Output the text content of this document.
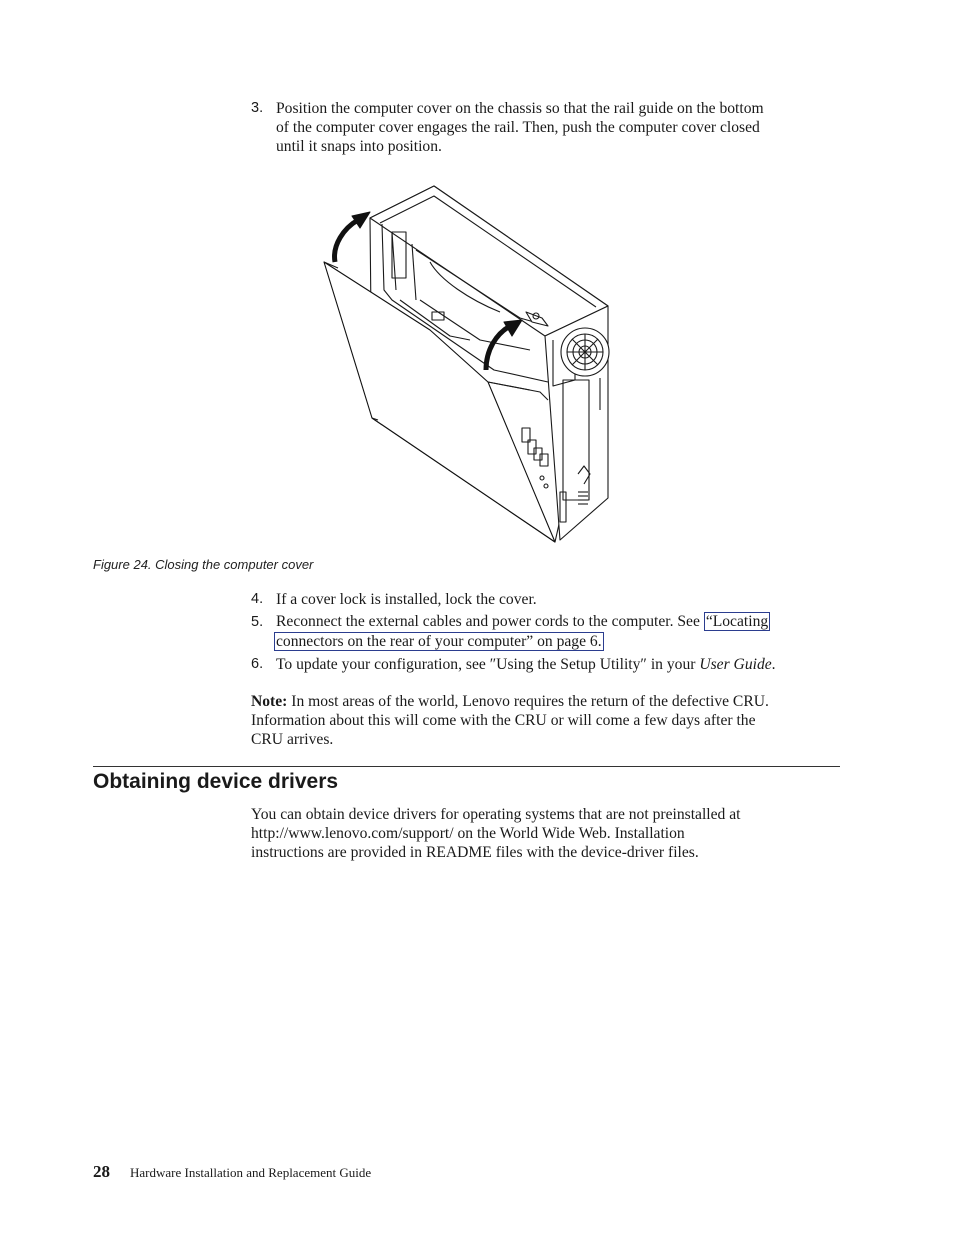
3. Position the computer cover on the chassis so that the rail guide on the bottom
of the computer cover engages the rail. Then, push the computer cover closed
until it snaps into position.
Figure 24. Closing the computer cover
4. If a cover lock is installed, lock the cover.
5. Reconnect the external cables and power cords to the computer. See “Locating
connectors on the rear of your computer” on page 6.
6. To update your configuration, see ″Using the Setup Utility″ in your User Guide.
Note: In most areas of the world, Lenovo requires the return of the defective CRU.
Information about this will come with the CRU or will come a few days after the
CRU arrives.
Obtaining device drivers
You can obtain device drivers for operating systems that are not preinstalled at
http://www.lenovo.com/support/ on the World Wide Web. Installation
instructions are provided in README files with the device-driver files.
28 Hardware Installation and Replacement Guide
